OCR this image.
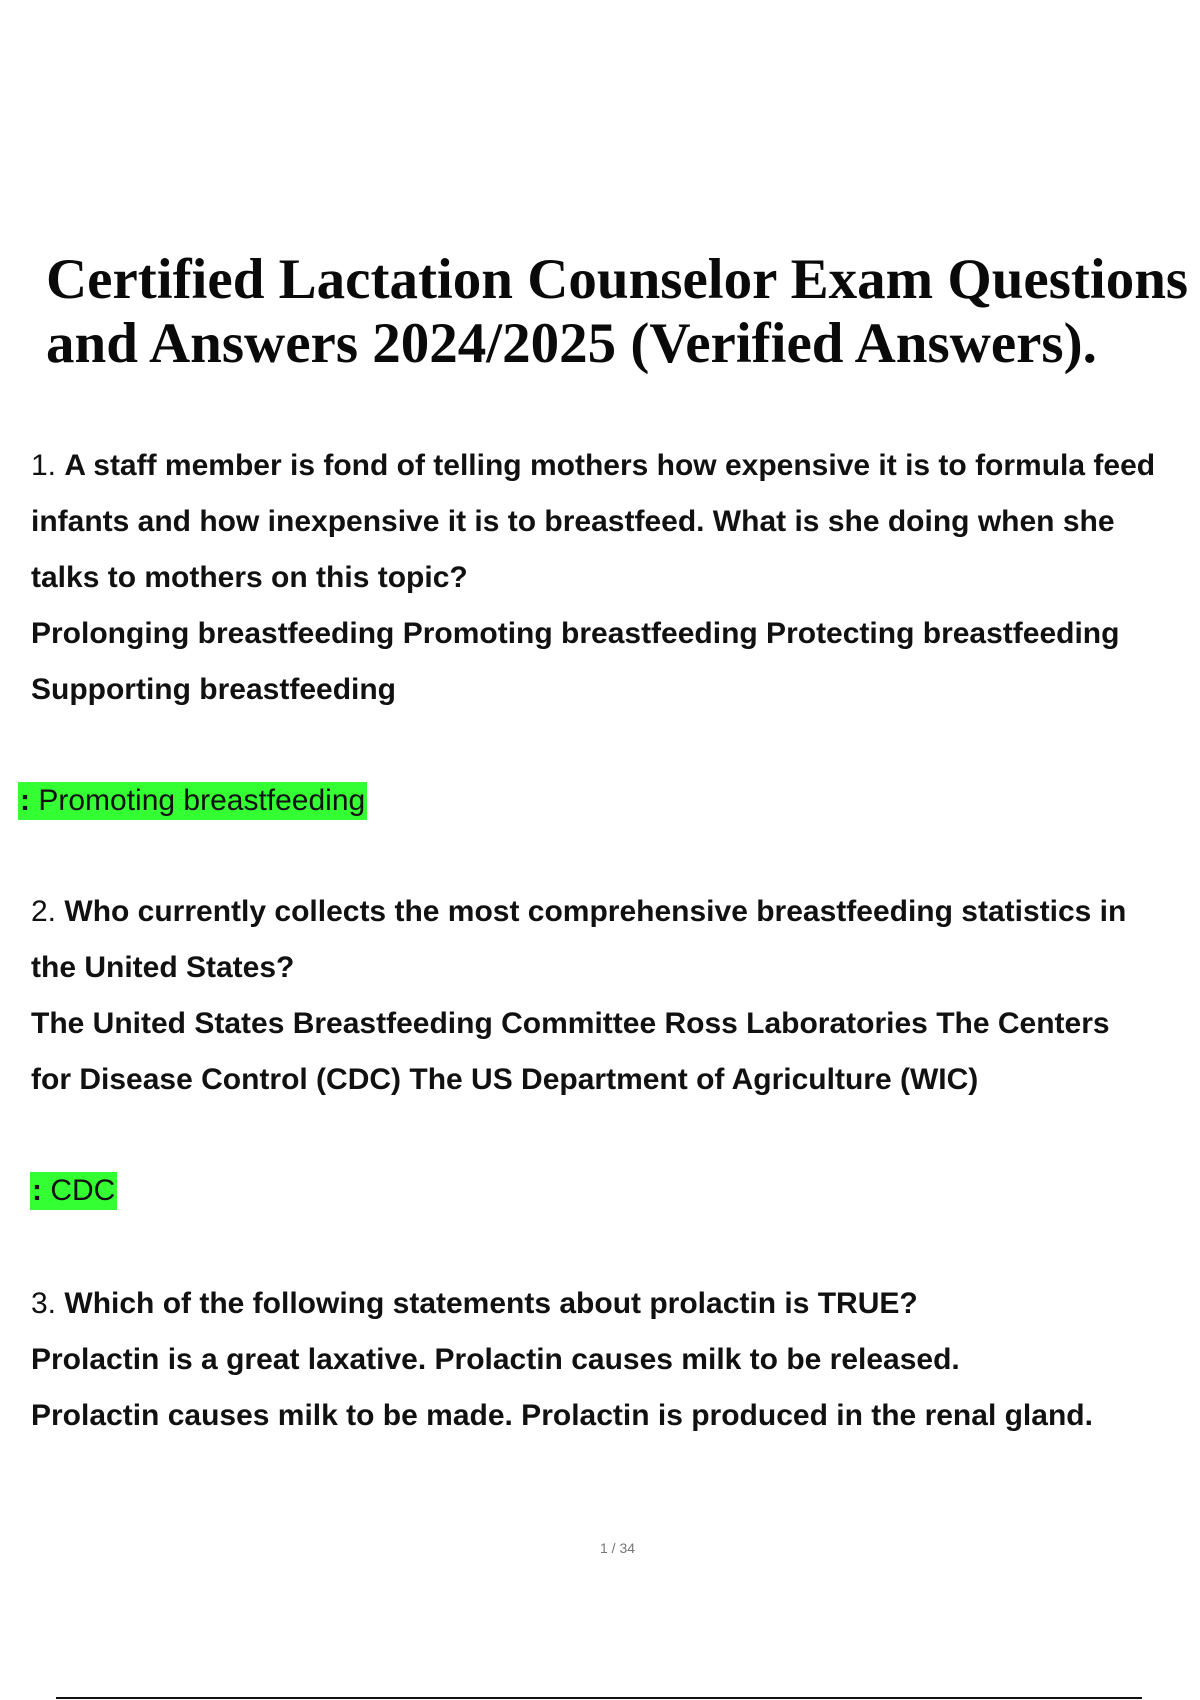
Certified Lactation Counselor Exam Questions
and Answers 2024/2025 (Verified Answers).
1. A staff member is fond of telling mothers how expensive it is to formula feed
infants and how inexpensive it is to breastfeed. What is she doing when she
talks to mothers on this topic?
Prolonging breastfeeding Promoting breastfeeding Protecting breastfeeding
Supporting breastfeeding
: Promoting breastfeeding
2. Who currently collects the most comprehensive breastfeeding statistics in
the United States?
The United States Breastfeeding Committee Ross Laboratories The Centers
for Disease Control (CDC) The US Department of Agriculture (WIC)
: CDC
3. Which of the following statements about prolactin is TRUE?
Prolactin is a great laxative. Prolactin causes milk to be released.
Prolactin causes milk to be made. Prolactin is produced in the renal gland.
1 / 34
